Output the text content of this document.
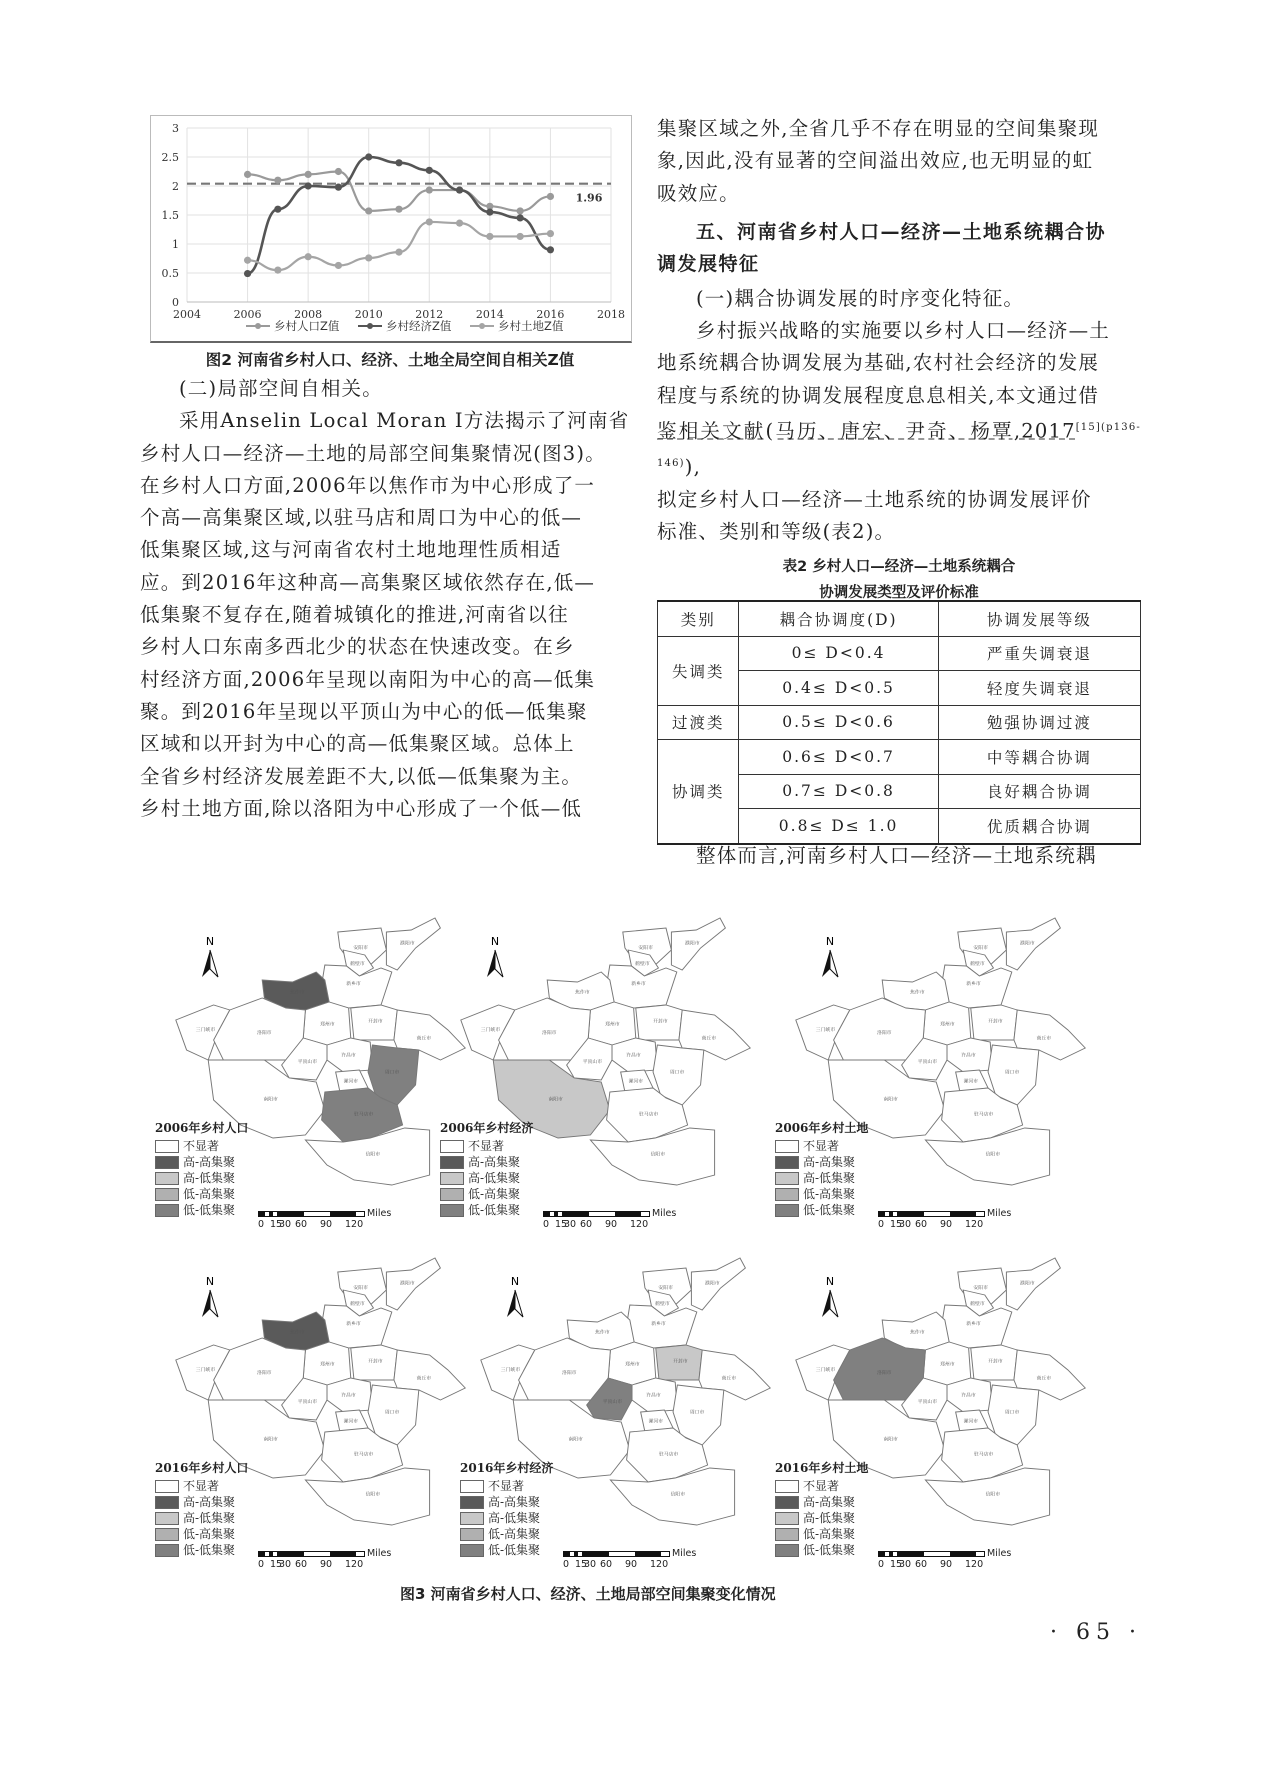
0
0.5
1
1.5
2
2.5
3
2004	2006	2008	2010	2012	2014	2016	2018
1.96
乡村人口Z值	乡村经济Z值	乡村土地Z值
图2 河南省乡村人口、经济、土地全局空间自相关Z值

(二)局部空间自相关。

采用Anselin Local Moran I方法揭示了河南省

乡村人口—经济—土地的局部空间集聚情况(图3)。

在乡村人口方面,2006年以焦作市为中心形成了一

个高—高集聚区域,以驻马店和周口为中心的低—

低集聚区域,这与河南省农村土地地理性质相适

应。到2016年这种高—高集聚区域依然存在,低—

低集聚不复存在,随着城镇化的推进,河南省以往

乡村人口东南多西北少的状态在快速改变。在乡

村经济方面,2006年呈现以南阳为中心的高—低集

聚。到2016年呈现以平顶山为中心的低—低集聚

区域和以开封为中心的高—低集聚区域。总体上

全省乡村经济发展差距不大,以低—低集聚为主。

乡村土地方面,除以洛阳为中心形成了一个低—低

集聚区域之外,全省几乎不存在明显的空间集聚现

象,因此,没有显著的空间溢出效应,也无明显的虹

吸效应。

五、河南省乡村人口—经济—土地系统耦合协
调发展特征

(一)耦合协调发展的时序变化特征。

乡村振兴战略的实施要以乡村人口—经济—土

地系统耦合协调发展为基础,农村社会经济的发展

程度与系统的协调发展程度息息相关,本文通过借

鉴相关文献(马历、唐宏、尹奇、杨覃$,2017^{[15](p136-146)}$),

拟定乡村人口—经济—土地系统的协调发展评价

标准、类别和等级(表2)。

表2 乡村人口—经济—土地系统耦合
协调发展类型及评价标准
类别	耦合协调度(D)	协调发展等级
失调类	0≤ D<0.4	严重失调衰退
	0.4≤ D<0.5	轻度失调衰退
过渡类	0.5≤ D<0.6	勉强协调过渡
协调类	0.6≤ D<0.7	中等耦合协调
	0.7≤ D<0.8	良好耦合协调
	0.8≤ D≤ 1.0	优质耦合协调

整体而言,河南乡村人口—经济—土地系统耦

安阳市
濮阳市
鹤壁市
新乡市
焦作市
郑州市
开封市
三门峡市
洛阳市
商丘市
许昌市
平顶山市
漯河市
周口市
南阳市
驻马店市
信阳市
N
2006年乡村人口
不显著
高-高集聚
高-低集聚
低-高集聚
低-低集聚	Miles
0 15
30 60 90 120
安阳市
濮阳市
鹤壁市
新乡市
焦作市
郑州市
开封市
三门峡市
洛阳市
商丘市
许昌市
平顶山市
漯河市
周口市
南阳市
驻马店市
信阳市
N
2006年乡村经济
不显著
高-高集聚
高-低集聚
低-高集聚
低-低集聚	Miles
0 15
30 60 90 120
安阳市
濮阳市
鹤壁市
新乡市
焦作市
郑州市
开封市
三门峡市
洛阳市
商丘市
许昌市
平顶山市
漯河市
周口市
南阳市
驻马店市
信阳市
N
2006年乡村土地
不显著
高-高集聚
高-低集聚
低-高集聚
低-低集聚	Miles
0 15
30 60 90 120
安阳市
濮阳市
鹤壁市
新乡市
焦作市
郑州市
开封市
三门峡市
洛阳市
商丘市
许昌市
平顶山市
漯河市
周口市
南阳市
驻马店市
信阳市
N
2016年乡村人口
不显著
高-高集聚
高-低集聚
低-高集聚
低-低集聚	Miles
0 15
30 60 90 120
安阳市
濮阳市
鹤壁市
新乡市
焦作市
郑州市
开封市
三门峡市
洛阳市
商丘市
许昌市
平顶山市
漯河市
周口市
南阳市
驻马店市
信阳市
N
2016年乡村经济
不显著
高-高集聚
高-低集聚
低-高集聚
低-低集聚	Miles
0 15
30 60 90 120
安阳市
濮阳市
鹤壁市
新乡市
焦作市
郑州市
开封市
三门峡市
洛阳市
商丘市
许昌市
平顶山市
漯河市
周口市
南阳市
驻马店市
信阳市
N
2016年乡村土地
不显著
高-高集聚
高-低集聚
低-高集聚
低-低集聚	Miles
0 15
30 60 90 120
图3 河南省乡村人口、经济、土地局部空间集聚变化情况
· 65 ·
